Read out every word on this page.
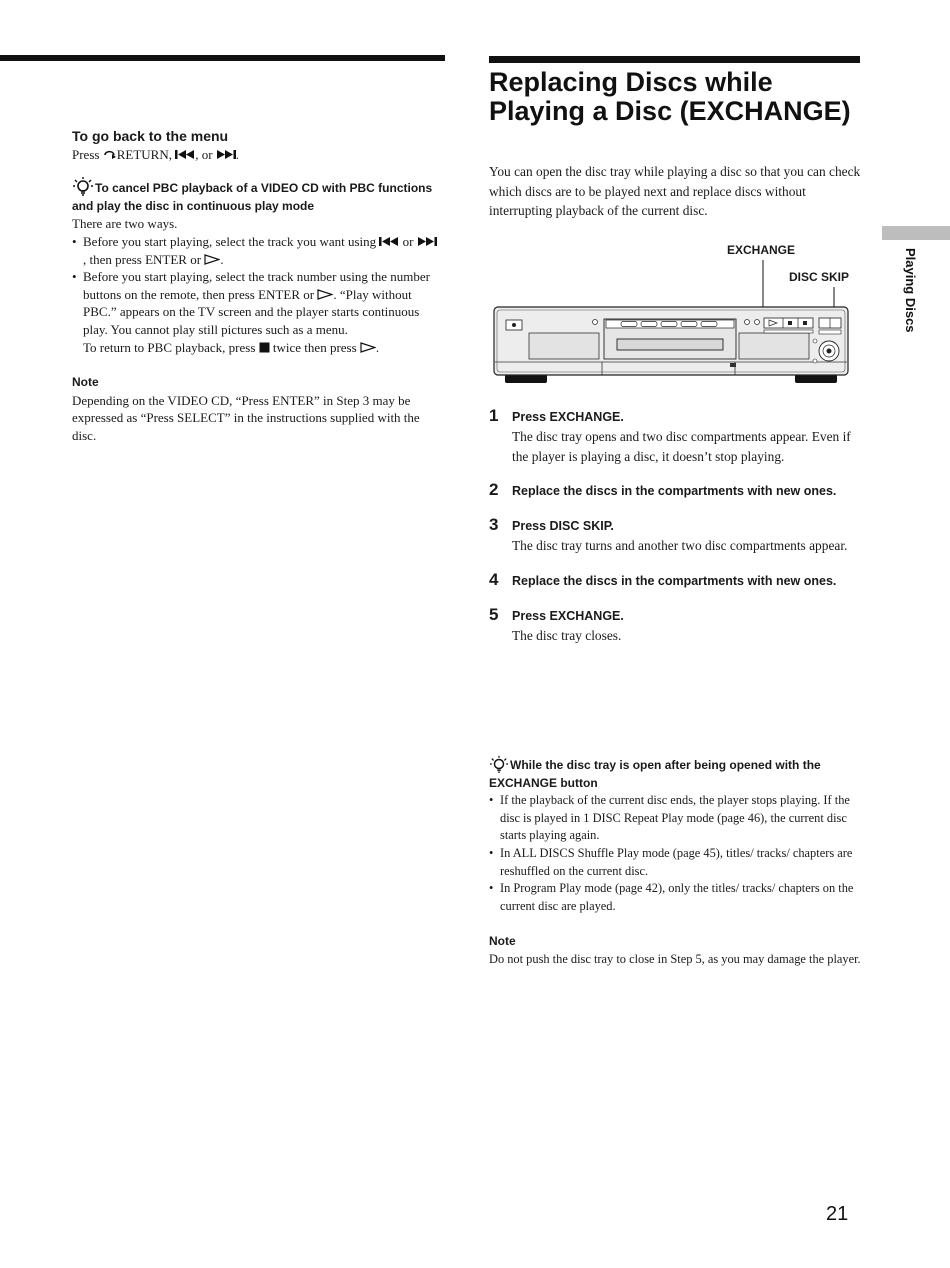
To go back to the menu

Press RETURN, , or .

To cancel PBC playback of a VIDEO CD with PBC functions and play the disc in continuous play mode

There are two ways.

• Before you start playing, select the track you want using  or , then press ENTER or .
• Before you start playing, select the track number using the number buttons on the remote, then press ENTER or . “Play without PBC.” appears on the TV screen and the player starts continuous play. You cannot play still pictures such as a menu.
To return to PBC playback, press  twice then press .
Note

Depending on the VIDEO CD, “Press ENTER” in Step 3 may be expressed as “Press SELECT” in the instructions supplied with the disc.

Replacing Discs while Playing a Disc (EXCHANGE)

You can open the disc tray while playing a disc so that you can check which discs are to be played next and replace discs without interrupting playback of the current disc.

EXCHANGE
DISC SKIP
1 Press EXCHANGE.
The disc tray opens and two disc compartments appear. Even if the player is playing a disc, it doesn’t stop playing.
2 Replace the discs in the compartments with new ones.
3 Press DISC SKIP.
The disc tray turns and another two disc compartments appear.
4 Replace the discs in the compartments with new ones.
5 Press EXCHANGE.
The disc tray closes.
While the disc tray is open after being opened with the EXCHANGE button
• If the playback of the current disc ends, the player stops playing. If the disc is played in 1 DISC Repeat Play mode (page 46), the current disc starts playing again.
• In ALL DISCS Shuffle Play mode (page 45), titles/ tracks/ chapters are reshuffled on the current disc.
• In Program Play mode (page 42), only the titles/ tracks/ chapters on the current disc are played.
Note
Do not push the disc tray to close in Step 5, as you may damage the player.
Playing Discs
21
